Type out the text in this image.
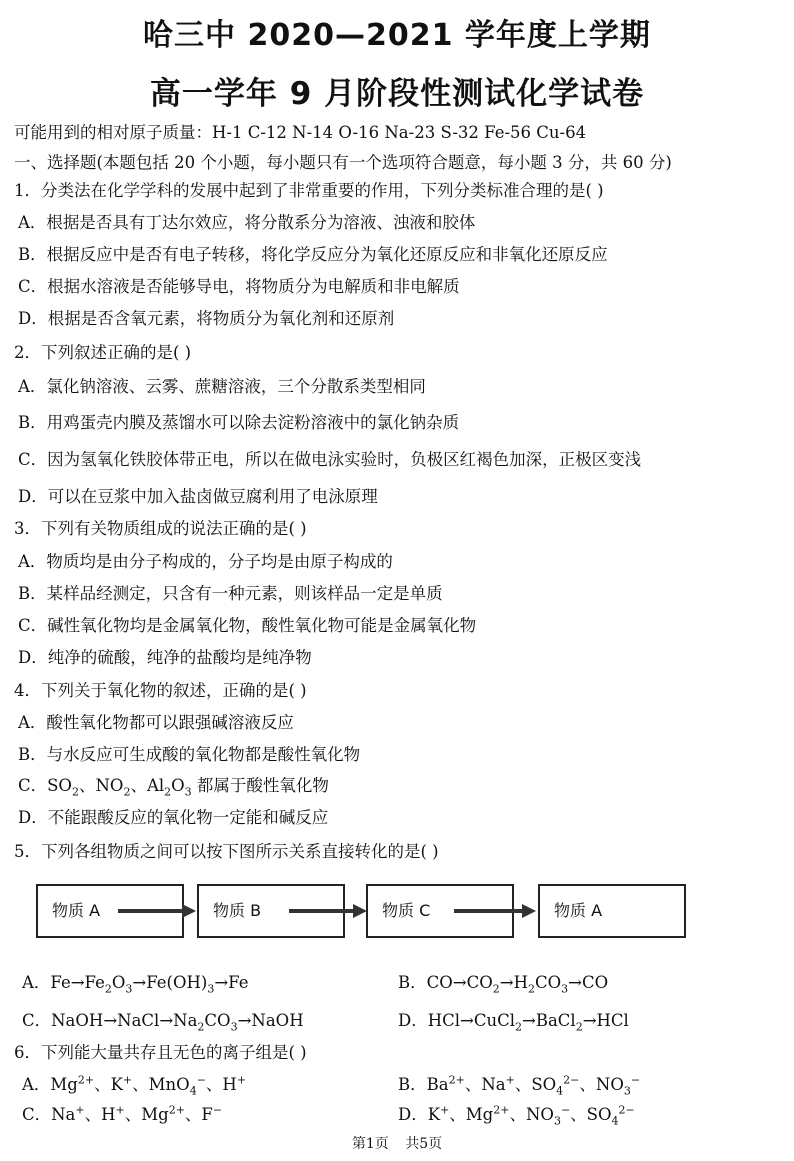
哈三中 2020—2021 学年度上学期
高一学年 9 月阶段性测试化学试卷
可能用到的相对原子质量：H-1 C-12 N-14 O-16 Na-23 S-32 Fe-56 Cu-64
一、选择题(本题包括 20 个小题，每小题只有一个选项符合题意，每小题 3 分，共 60 分)
1．分类法在化学学科的发展中起到了非常重要的作用，下列分类标准合理的是( )
A．根据是否具有丁达尔效应，将分散系分为溶液、浊液和胶体
B．根据反应中是否有电子转移，将化学反应分为氧化还原反应和非氧化还原反应
C．根据水溶液是否能够导电，将物质分为电解质和非电解质
D．根据是否含氧元素，将物质分为氧化剂和还原剂
2．下列叙述正确的是( )
A．氯化钠溶液、云雾、蔗糖溶液，三个分散系类型相同
B．用鸡蛋壳内膜及蒸馏水可以除去淀粉溶液中的氯化钠杂质
C．因为氢氧化铁胶体带正电，所以在做电泳实验时，负极区红褐色加深，正极区变浅
D．可以在豆浆中加入盐卤做豆腐利用了电泳原理
3．下列有关物质组成的说法正确的是( )
A．物质均是由分子构成的，分子均是由原子构成的
B．某样品经测定，只含有一种元素，则该样品一定是单质
C．碱性氧化物均是金属氧化物，酸性氧化物可能是金属氧化物
D．纯净的硫酸，纯净的盐酸均是纯净物
4．下列关于氧化物的叙述，正确的是( )
A．酸性氧化物都可以跟强碱溶液反应
B．与水反应可生成酸的氧化物都是酸性氧化物
C．$SO_2$、$NO_2$、$Al_2O_3$ 都属于酸性氧化物
D．不能跟酸反应的氧化物一定能和碱反应
5．下列各组物质之间可以按下图所示关系直接转化的是( )
物质 A	物质 B	物质 C	物质 A
A．$Fe\to Fe_2O_3\to Fe(OH)_3\to Fe$	B．$CO\to CO_2\to H_2CO_3\to CO$
C．$NaOH\to NaCl\to Na_2CO_3\to NaOH$	D．HCl→CuCl$_2$→BaCl$_2$→HCl
6．下列能大量共存且无色的离子组是( )
A．$Mg^{2+}$、K+、MnO$_4$−、H+	B．$Ba^{2+}$、Na+、$SO_4^{2-}$、$NO_3^-$
C．Na+、H+、$Mg^{2+}$、F−	D．K+、$Mg^{2+}$、$NO_3^-$、$SO_4^{2-}$
第1页 共5页
